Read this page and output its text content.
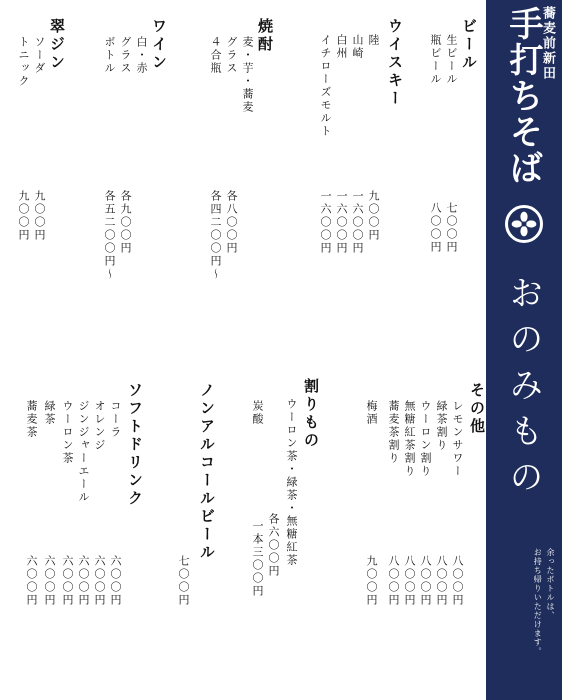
蕎麦前新田
手打ちそば
おのみもの
余ったボトルは、
お持ち帰りいただけます。
ビール
生ビール
瓶ビール
七〇〇円
八〇〇円
ウイスキー
陸
山崎
白州
イチローズモルト
九〇〇円
一六〇〇円
一六〇〇円
一六〇〇円
焼酎
麦・芋・蕎麦
グラス
４合瓶
各八〇〇円
各四二〇〇円〜
ワイン
白・赤
グラス
ボトル
各九〇〇円
各五二〇〇円〜
翠ジン
ソーダ
トニック
九〇〇円
九〇〇円
その他
レモンサワー
緑茶割り
ウーロン割り
無糖紅茶割り
蕎麦茶割り
梅酒
八〇〇円
八〇〇円
八〇〇円
八〇〇円
八〇〇円
九〇〇円
割りもの
ウーロン茶・緑茶・無糖紅茶
各六〇〇円
一本三〇〇円
炭酸
ノンアルコールビール
七〇〇円
ソフトドリンク
コーラ
オレンジ
ジンジャーエール
ウーロン茶
緑茶
蕎麦茶
六〇〇円
六〇〇円
六〇〇円
六〇〇円
六〇〇円
六〇〇円
